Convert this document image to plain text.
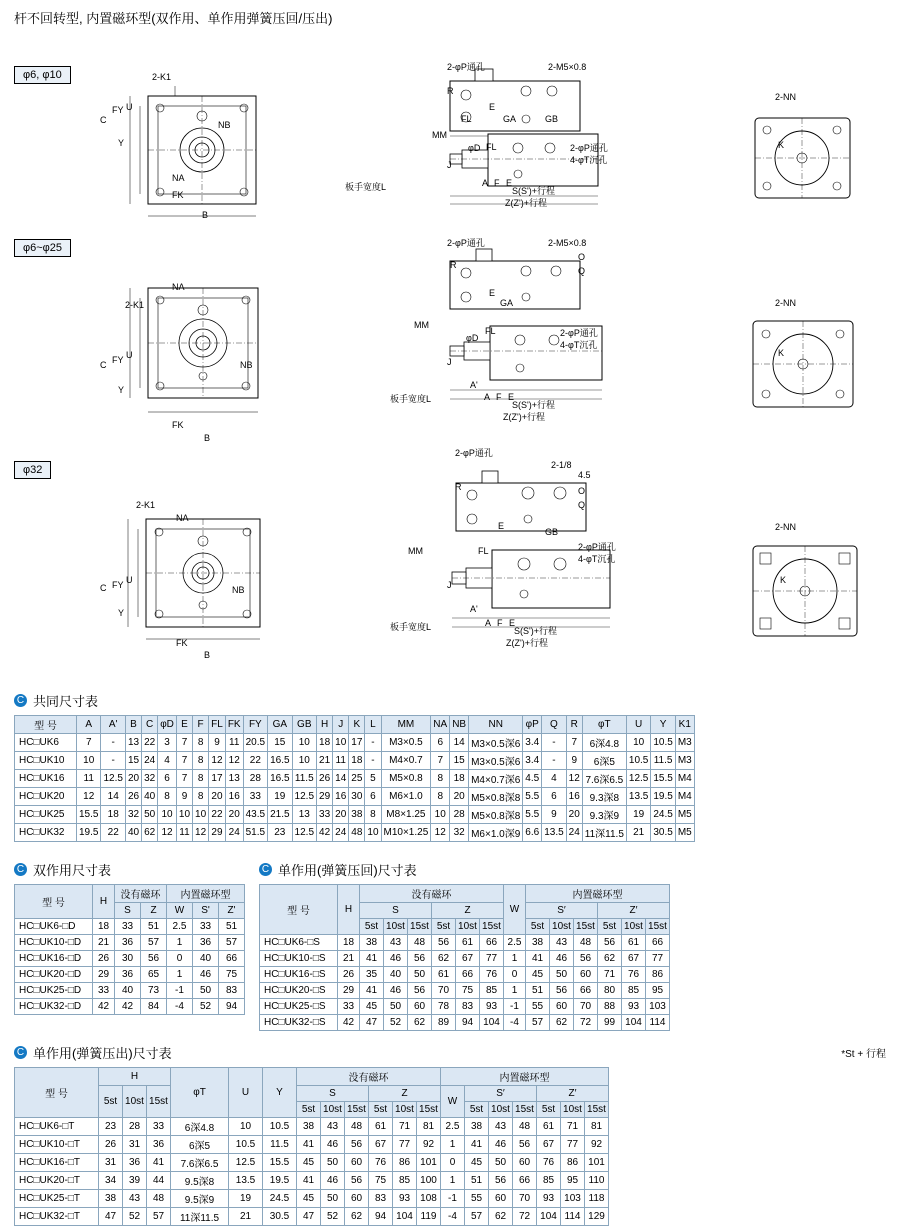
杆不回转型, 内置磁环型(双作用、单作用弹簧压回/压出)
φ6, φ10	2-K1
C
FY U
Y
NB
NA
FK
B
2-φP通孔	2-M5×0.8
R
E
FL	GA	GB
MM
FL
φD
J
A F E
2-φP通孔
4-φT沉孔
板手宽度L	S(S')+行程
Z(Z')+行程
2-NN
K
φ6~φ25
2-K1
NA
C FY U
Y
NB
FK
B
2-φP通孔	2-M5×0.8
R
E
GA
O
Q
MM
FL
φD
J
A'
A F E
2-φP通孔
4-φT沉孔
板手宽度L
S(S')+行程
Z(Z')+行程
2-NN
K
φ32
2-K1
NA
C FY U
Y
NB
FK
B
2-φP通孔
2-1/8
R
E
GB
4.5
O
Q
MM	FL
J
A'
A F E
2-φP通孔
4-φT沉孔
板手宽度L	S(S')+行程
Z(Z')+行程
2-NN
K
C 共同尺寸表
型 号	A	A'	B	C	φD	E	F	FL	FK	FY	GA	GB	H	J	K	L	MM	NA	NB	NN	φP	Q	R	φT	U	Y	K1
HC□UK6	7	-	13	22	3	7	8	9	11	20.5	15	10	18	10	17	-	M3×0.5	6	14	M3×0.5深6	3.4	-	7	6深4.8	10	10.5	M3
HC□UK10	10	-	15	24	4	7	8	12	12	22	16.5	10	21	11	18	-	M4×0.7	7	15	M3×0.5深6	3.4	-	9	6深5	10.5	11.5	M3
HC□UK16	11	12.5	20	32	6	7	8	17	13	28	16.5	11.5	26	14	25	5	M5×0.8	8	18	M4×0.7深6	4.5	4	12	7.6深6.5	12.5	15.5	M4
HC□UK20	12	14	26	40	8	9	8	20	16	33	19	12.5	29	16	30	6	M6×1.0	8	20	M5×0.8深8	5.5	6	16	9.3深8	13.5	19.5	M4
HC□UK25	15.5	18	32	50	10	10	10	22	20	43.5	21.5	13	33	20	38	8	M8×1.25	10	28	M5×0.8深8	5.5	9	20	9.3深9	19	24.5	M5
HC□UK32	19.5	22	40	62	12	11	12	29	24	51.5	23	12.5	42	24	48	10	M10×1.25	12	32	M6×1.0深9	6.6	13.5	24	11深11.5	21	30.5	M5
C 双作用尺寸表
型 号	H	没有磁环		内置磁环型		
		S	Z	W	S'	Z'
HC□UK6-□D	18	33	51	2.5	33	51
HC□UK10-□D	21	36	57	1	36	57
HC□UK16-□D	26	30	56	0	40	66
HC□UK20-□D	29	36	65	1	46	75
HC□UK25-□D	33	40	73	-1	50	83
HC□UK32-□D	42	42	84	-4	52	94
C 单作用(弹簧压回)尺寸表
型 号	H	没有磁环						W	内置磁环型					
		S			Z				S′			Z′		
		5st	10st	15st	5st	10st	15st		5st	10st	15st	5st	10st	15st
HC□UK6-□S	18	38	43	48	56	61	66	2.5	38	43	48	56	61	66
HC□UK10-□S	21	41	46	56	62	67	77	1	41	46	56	62	67	77
HC□UK16-□S	26	35	40	50	61	66	76	0	45	50	60	71	76	86
HC□UK20-□S	29	41	46	56	70	75	85	1	51	56	66	80	85	95
HC□UK25-□S	33	45	50	60	78	83	93	-1	55	60	70	88	93	103
HC□UK32-□S	42	47	52	62	89	94	104	-4	57	62	72	99	104	114
C 单作用(弹簧压出)尺寸表	*St + 行程
型 号	H			φT	U	Y	没有磁环						内置磁环型						
	5st	10st	15st				S			Z			W	S′			Z′		
							5st	10st	15st	5st	10st	15st		5st	10st	15st	5st	10st	15st
HC□UK6-□T	23	28	33	6深4.8	10	10.5	38	43	48	61	71	81	2.5	38	43	48	61	71	81
HC□UK10-□T	26	31	36	6深5	10.5	11.5	41	46	56	67	77	92	1	41	46	56	67	77	92
HC□UK16-□T	31	36	41	7.6深6.5	12.5	15.5	45	50	60	76	86	101	0	45	50	60	76	86	101
HC□UK20-□T	34	39	44	9.5深8	13.5	19.5	41	46	56	75	85	100	1	51	56	66	85	95	110
HC□UK25-□T	38	43	48	9.5深9	19	24.5	45	50	60	83	93	108	-1	55	60	70	93	103	118
HC□UK32-□T	47	52	57	11深11.5	21	30.5	47	52	62	94	104	119	-4	57	62	72	104	114	129
